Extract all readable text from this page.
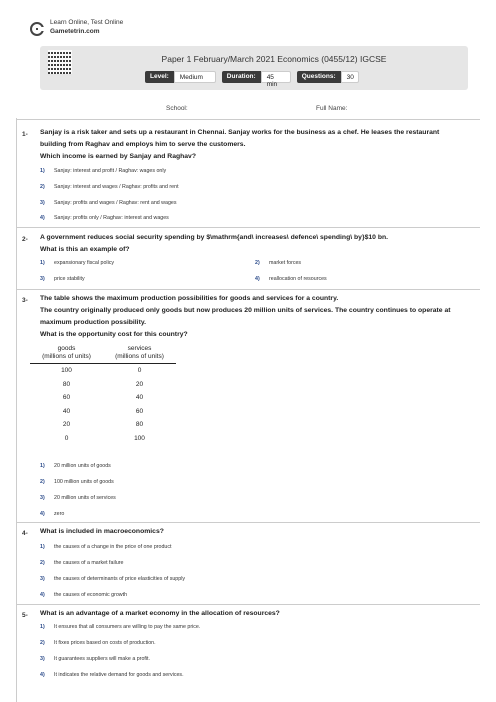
Learn Online, Test Online
Gametetrin.com
Paper 1 February/March 2021 Economics (0455/12) IGCSE
Level:	Medium	Duration:	45 min
Questions:	30
School:	Full Name:
1- Sanjay is a risk taker and sets up a restaurant in Chennai. Sanjay works for the business as a chef. He leases the restaurant
building from Raghav and employs him to serve the customers.
Which income is earned by Sanjay and Raghav?
1) Sanjay: interest and profit / Raghav: wages only
2) Sanjay: interest and wages / Raghav: profits and rent
3) Sanjay: profits and wages / Raghav: rent and wages
4) Sanjay: profits only / Raghav: interest and wages
2- A government reduces social security spending by $\mathrm{and\ increases\ defence\ spending\ by}$10 bn.
What is this an example of?
1) expansionary fiscal policy	2) market forces
3) price stability	4) reallocation of resources
3- The table shows the maximum production possibilities for goods and services for a country.
The country originally produced only goods but now produces 20 million units of services. The country continues to operate at
maximum production possibility.
What is the opportunity cost for this country?
goods
(millions of units)
services
(millions of units)
100	0
80	20
60	40
40	60
20	80
0	100
1) 20 million units of goods
2) 100 million units of goods
3) 20 million units of services
4) zero
4- What is included in macroeconomics?
1) the causes of a change in the price of one product
2) the causes of a market failure
3) the causes of determinants of price elasticities of supply
4) the causes of economic growth
5- What is an advantage of a market economy in the allocation of resources?
1) It ensures that all consumers are willing to pay the same price.
2) It fixes prices based on costs of production.
3) It guarantees suppliers will make a profit.
4) It indicates the relative demand for goods and services.
